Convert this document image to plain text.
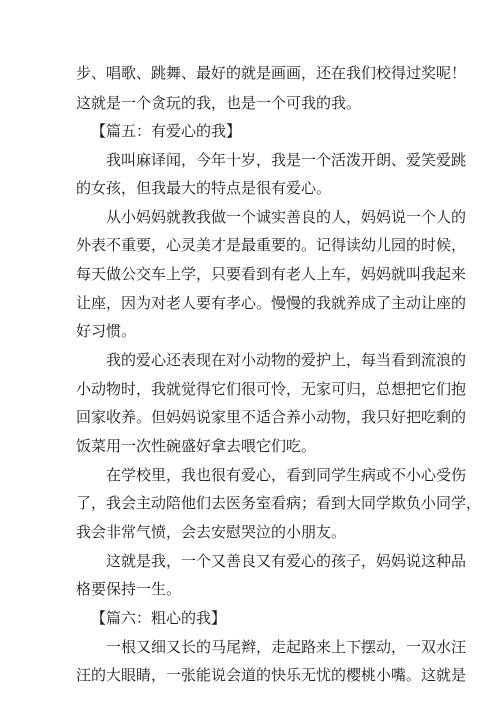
步、唱歌、跳舞、最好的就是画画，还在我们校得过奖呢！
这就是一个贪玩的我，也是一个可我的我。
【篇五：有爱心的我】
我叫麻译闻，今年十岁，我是一个活泼开朗、爱笑爱跳
的女孩，但我最大的特点是很有爱心。
从小妈妈就教我做一个诚实善良的人，妈妈说一个人的
外表不重要，心灵美才是最重要的。记得读幼儿园的时候，
每天做公交车上学，只要看到有老人上车，妈妈就叫我起来
让座，因为对老人要有孝心。慢慢的我就养成了主动让座的
好习惯。
我的爱心还表现在对小动物的爱护上，每当看到流浪的
小动物时，我就觉得它们很可怜，无家可归，总想把它们抱
回家收养。但妈妈说家里不适合养小动物，我只好把吃剩的
饭菜用一次性碗盛好拿去喂它们吃。
在学校里，我也很有爱心，看到同学生病或不小心受伤
了，我会主动陪他们去医务室看病；看到大同学欺负小同学，
我会非常气愤，会去安慰哭泣的小朋友。
这就是我，一个又善良又有爱心的孩子，妈妈说这种品
格要保持一生。
【篇六：粗心的我】
一根又细又长的马尾辫，走起路来上下摆动，一双水汪
汪的大眼睛，一张能说会道的快乐无忧的樱桃小嘴。这就是
